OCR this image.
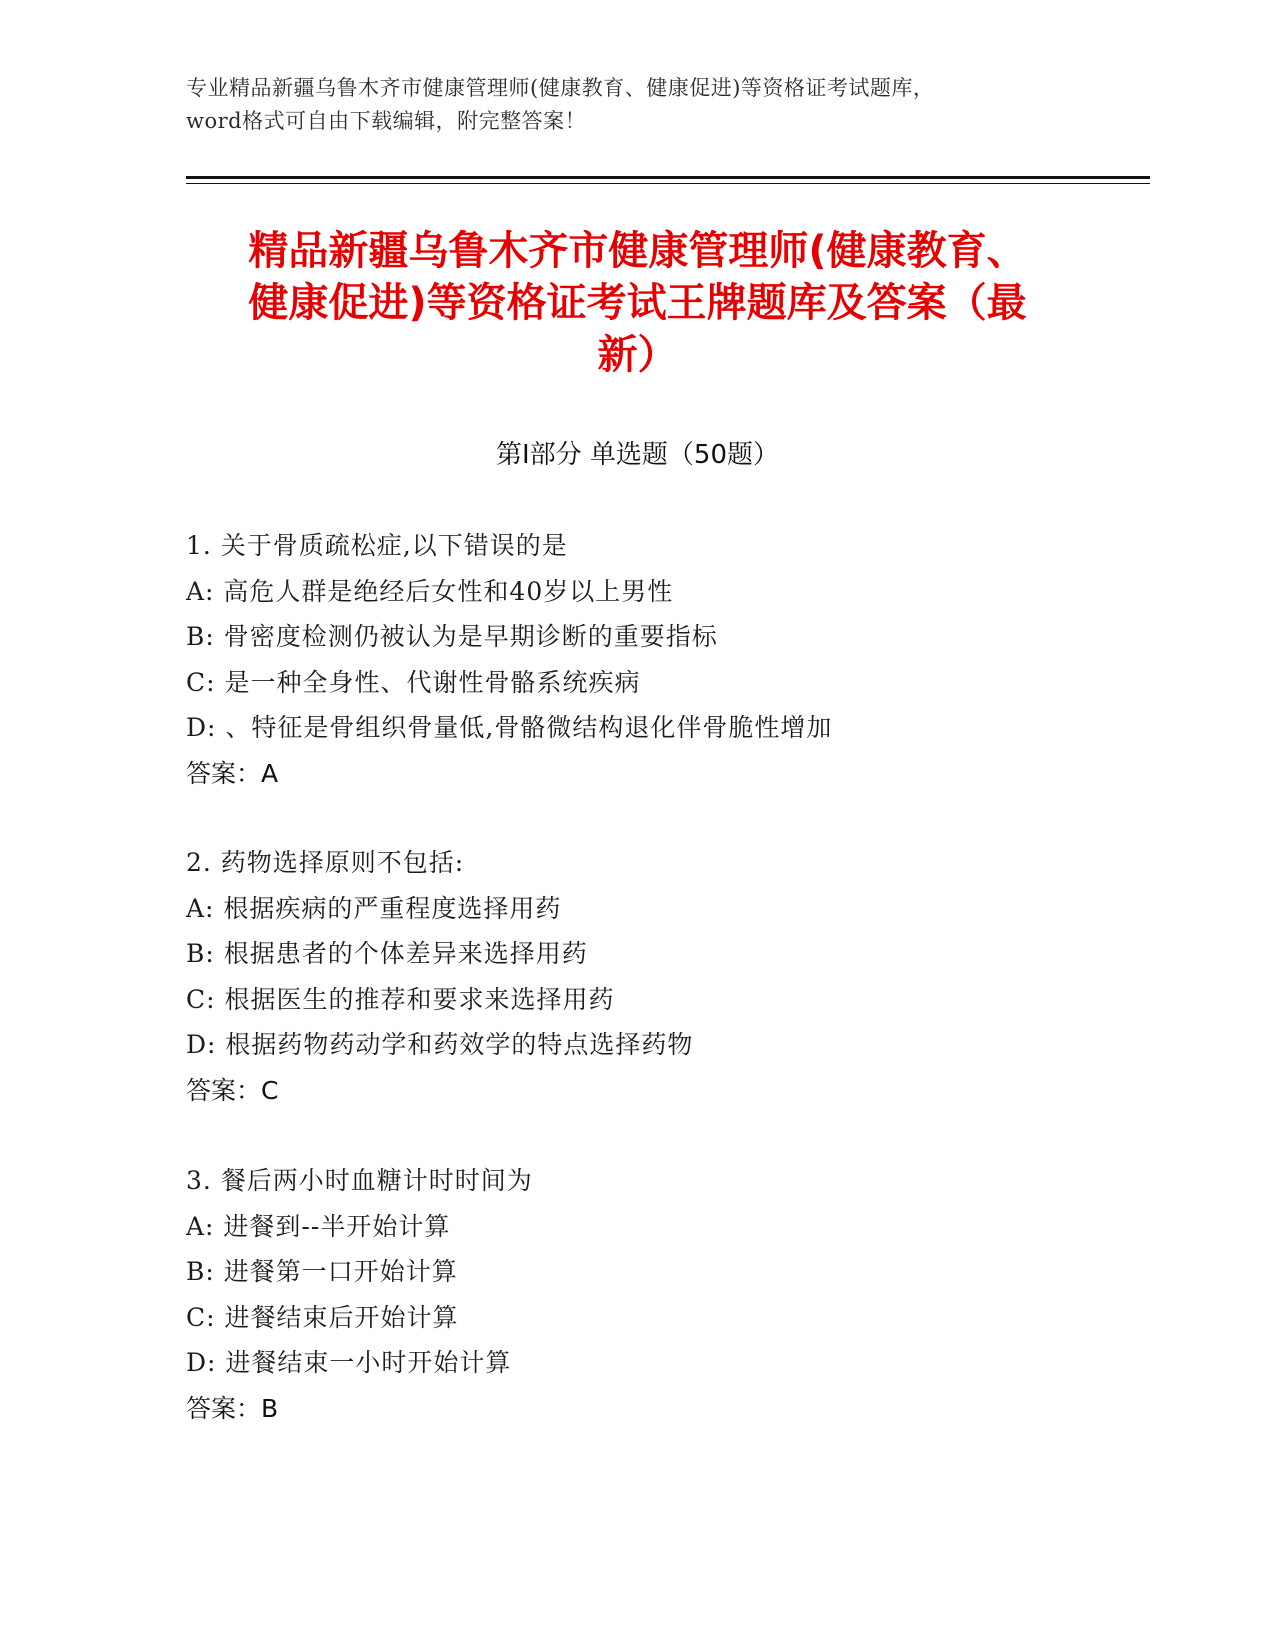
专业精品新疆乌鲁木齐市健康管理师(健康教育、健康促进)等资格证考试题库，
word格式可自由下载编辑，附完整答案！
精品新疆乌鲁木齐市健康管理师(健康教育、
健康促进)等资格证考试王牌题库及答案（最
新）
第Ⅰ部分 单选题（50题）
1. 关于骨质疏松症,以下错误的是
A: 高危人群是绝经后女性和40岁以上男性
B: 骨密度检测仍被认为是早期诊断的重要指标
C: 是一种全身性、代谢性骨骼系统疾病
D: 、特征是骨组织骨量低,骨骼微结构退化伴骨脆性增加
答案：A
2. 药物选择原则不包括:
A: 根据疾病的严重程度选择用药
B: 根据患者的个体差异来选择用药
C: 根据医生的推荐和要求来选择用药
D: 根据药物药动学和药效学的特点选择药物
答案：C
3. 餐后两小时血糖计时时间为
A: 进餐到--半开始计算
B: 进餐第一口开始计算
C: 进餐结束后开始计算
D: 进餐结束一小时开始计算
答案：B
